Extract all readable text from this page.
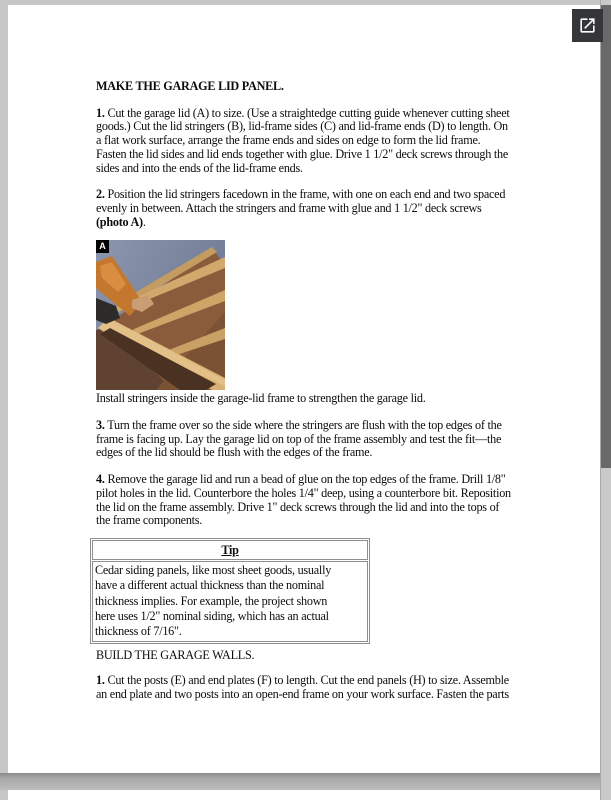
MAKE THE GARAGE LID PANEL.
1. Cut the garage lid (A) to size. (Use a straightedge cutting guide whenever cutting sheet
goods.) Cut the lid stringers (B), lid-frame sides (C) and lid-frame ends (D) to length. On
a flat work surface, arrange the frame ends and sides on edge to form the lid frame.
Fasten the lid sides and lid ends together with glue. Drive 1 1/2" deck screws through the
sides and into the ends of the lid-frame ends.
2. Position the lid stringers facedown in the frame, with one on each end and two spaced
evenly in between. Attach the stringers and frame with glue and 1 1/2" deck screws
(photo A).
A
Install stringers inside the garage-lid frame to strengthen the garage lid.
3. Turn the frame over so the side where the stringers are flush with the top edges of the
frame is facing up. Lay the garage lid on top of the frame assembly and test the fit—the
edges of the lid should be flush with the edges of the frame.
4. Remove the garage lid and run a bead of glue on the top edges of the frame. Drill 1/8"
pilot holes in the lid. Counterbore the holes 1/4" deep, using a counterbore bit. Reposition
the lid on the frame assembly. Drive 1" deck screws through the lid and into the tops of
the frame components.
Tip
Cedar siding panels, like most sheet goods, usually
have a different actual thickness than the nominal
thickness implies. For example, the project shown
here uses 1/2" nominal siding, which has an actual
thickness of 7/16".
BUILD THE GARAGE WALLS.
1. Cut the posts (E) and end plates (F) to length. Cut the end panels (H) to size. Assemble
an end plate and two posts into an open-end frame on your work surface. Fasten the parts
